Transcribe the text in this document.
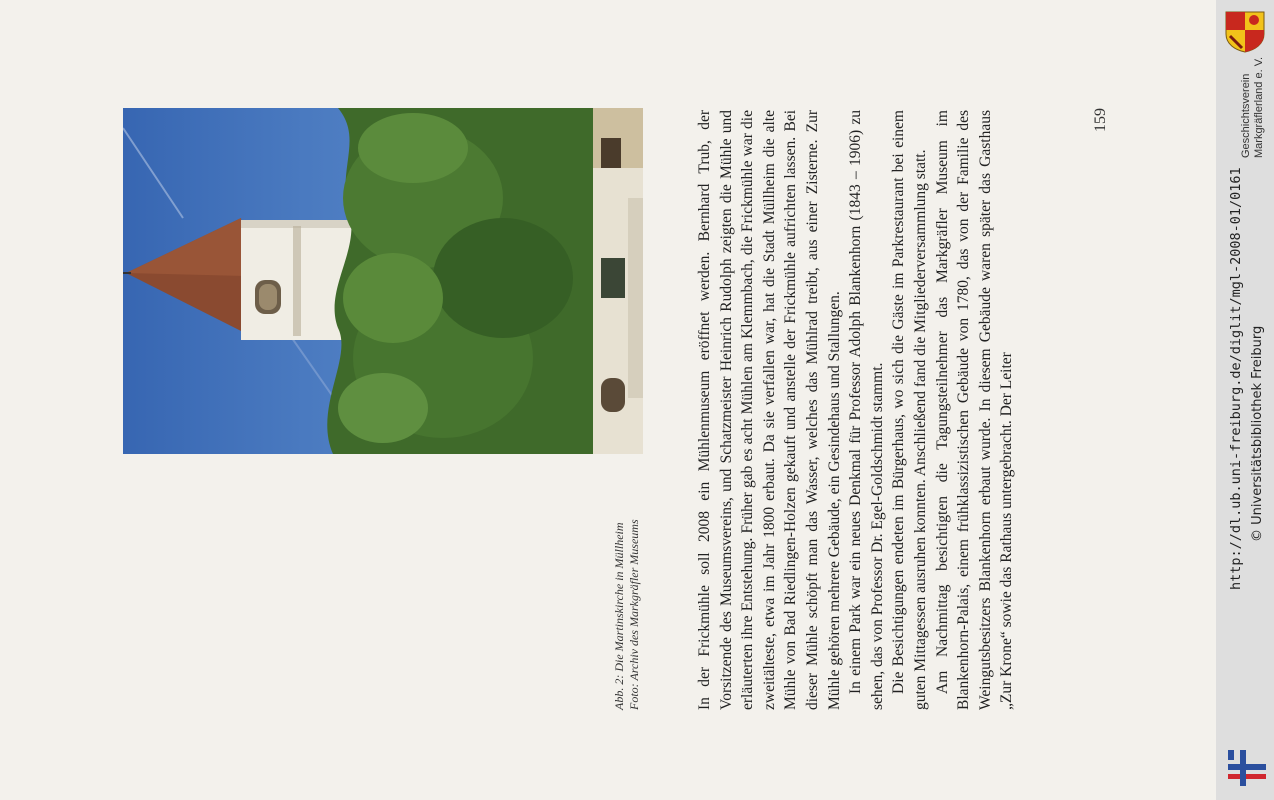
Abb. 2: Die Martinskirche in Müllheim Foto: Archiv des Markgräfler Museums	In der Frickmühle soll 2008 ein Mühlenmuseum eröffnet werden. Bernhard Trub, der Vorsitzende des Museumsvereins, und Schatzmeister Heinrich Rudolph zeigten die Mühle und erläuterten ihre Entstehung. Früher gab es acht Mühlen am Klemmbach, die Frickmühle war die zweitälteste, etwa im Jahr 1800 erbaut. Da sie verfallen war, hat die Stadt Müllheim die alte Mühle von Bad Riedlingen-Holzen gekauft und anstelle der Frickmühle aufrichten lassen. Bei dieser Mühle schöpft man das Wasser, welches das Mühlrad treibt, aus einer Zisterne. Zur Mühle gehören mehrere Gebäude, ein Gesindehaus und Stallungen. In einem Park war ein neues Denkmal für Professor Adolph Blankenhorn (1843 – 1906) zu sehen, das von Professor Dr. Egel-Goldschmidt stammt. Die Besichtigungen endeten im Bürgerhaus, wo sich die Gäste im Parkrestaurant bei einem guten Mittagessen ausruhen konnten. Anschließend fand die Mitgliederversammlung statt. Am Nachmittag besichtigten die Tagungsteilnehmer das Markgräfler Museum im Blankenhorn-Palais, einem frühklassizistischen Gebäude von 1780, das von der Familie des Weingutsbesitzers Blankenhorn erbaut wurde. In diesem Gebäude waren später das Gasthaus „Zur Krone“ sowie das Rathaus untergebracht. Der Leiter

159	Geschichtsverein Markgräflerland e. V.
http://dl.ub.uni-freiburg.de/diglit/mgl-2008-01/0161 © Universitätsbibliothek Freiburg
